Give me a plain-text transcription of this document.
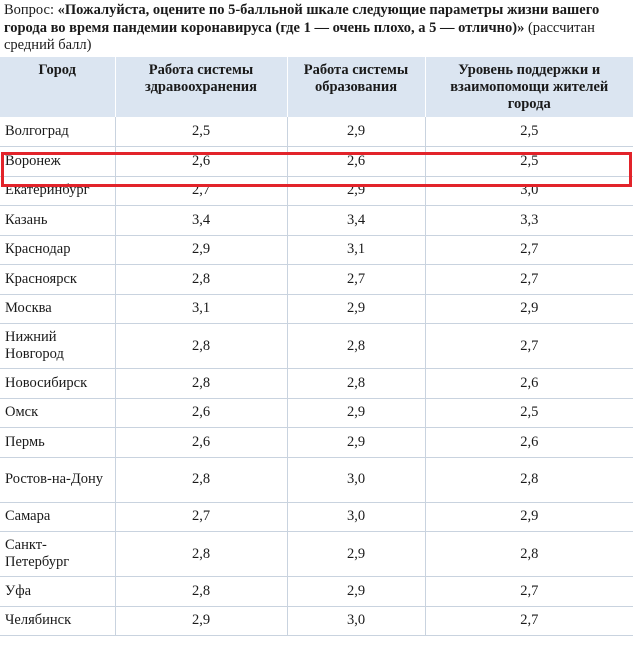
Вопрос: «Пожалуйста, оцените по 5-балльной шкале следующие параметры жизни вашего города во время пандемии коронавируса (где 1 — очень плохо, а 5 — отлично)» (рассчитан средний балл)
Город	Работа системы здравоохранения	Работа системы образования	Уровень поддержки и взаимопомощи жителей города
Волгоград	2,5	2,9	2,5
Воронеж	2,6	2,6	2,5
Екатеринбург	2,7	2,9	3,0
Казань	3,4	3,4	3,3
Краснодар	2,9	3,1	2,7
Красноярск	2,8	2,7	2,7
Москва	3,1	2,9	2,9
Нижний Новгород	2,8	2,8	2,7
Новосибирск	2,8	2,8	2,6
Омск	2,6	2,9	2,5
Пермь	2,6	2,9	2,6
Ростов-на-Дону	2,8	3,0	2,8
Самара	2,7	3,0	2,9
Санкт-Петербург	2,8	2,9	2,8
Уфа	2,8	2,9	2,7
Челябинск	2,9	3,0	2,7
